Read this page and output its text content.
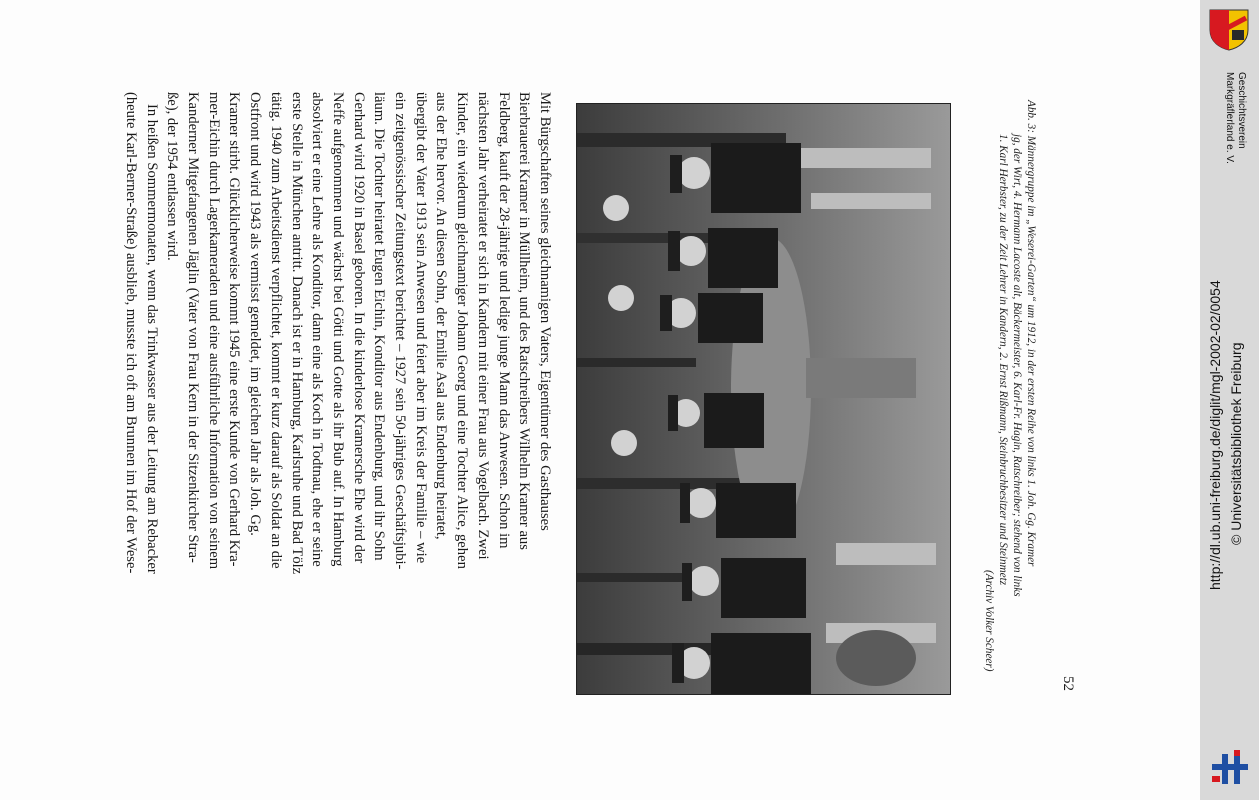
Mit Bürgschaften seines gleichnamigen Vaters, Eigentümer des Gasthauses
Bierbrauerei Kramer in Müllheim, und des Ratschreibers Wilhelm Kramer aus
Feldberg, kauft der 28-jährige und ledige junge Mann das Anwesen. Schon im
nächsten Jahr verheiratet er sich in Kandern mit einer Frau aus Vogelbach. Zwei
Kinder, ein wiederum gleichnamiger Johann Georg und eine Tochter Alice, gehen
aus der Ehe hervor. An diesen Sohn, der Emilie Asal aus Endenburg heiratet,
übergibt der Vater 1913 sein Anwesen und feiert aber im Kreis der Familie – wie
ein zeitgenössischer Zeitungstext berichtet – 1927 sein 50-jähriges Geschäftsjubi-
läum. Die Tochter heiratet Eugen Eichin, Konditor aus Endenburg, und ihr Sohn
Gerhard wird 1920 in Basel geboren. In die kinderlose Kramersche Ehe wird der
Neffe aufgenommen und wächst bei Götti und Gotte als ihr Bub auf. In Hamburg
absolviert er eine Lehre als Konditor, dann eine als Koch in Todtnau, ehe er seine
erste Stelle in München antritt. Danach ist er in Hamburg, Karlsruhe und Bad Tölz
tätig. 1940 zum Arbeitsdienst verpflichtet, kommt er kurz darauf als Soldat an die
Ostfront und wird 1943 als vermisst gemeldet, im gleichen Jahr als Joh. Gg.
Kramer stirbt. Glücklicherweise kommt 1945 eine erste Kunde von Gerhard Kra-
mer-Eichin durch Lagerkameraden und eine ausführliche Information von seinem
Kanderner Mitgefangenen Jäglin (Vater von Frau Kern in der Sitzenkircher Stra-
ße), der 1954 entlassen wird.
In heißen Sommermonaten, wenn das Trinkwasser aus der Leitung am Rebacker
(heute Karl-Berner-Straße) ausblieb, musste ich oft am Brunnen im Hof der Wese-	Abb. 3: Männergruppe im „Weserei-Garten“ um 1912, in der ersten Reihe von links 1. Joh. Gg. Kramer
jg, der Wirt, 4. Hermann Lacoste alt, Bäckermeister, 6. Karl-Fr. Hagin, Ratschreiber; stehend von links
1. Karl Herbster, zu der Zeit Lehrer in Kandern, 2. Ernst Rißmann, Steinbruchbesitzer und Steinmetz
(Archiv Volker Scheer)
52
Geschichtsverein
Markgräflerland e. V.
© Universitätsbibliothek Freiburg
http://dl.ub.uni-freiburg.de/diglit/mgl-2002-02/0054
